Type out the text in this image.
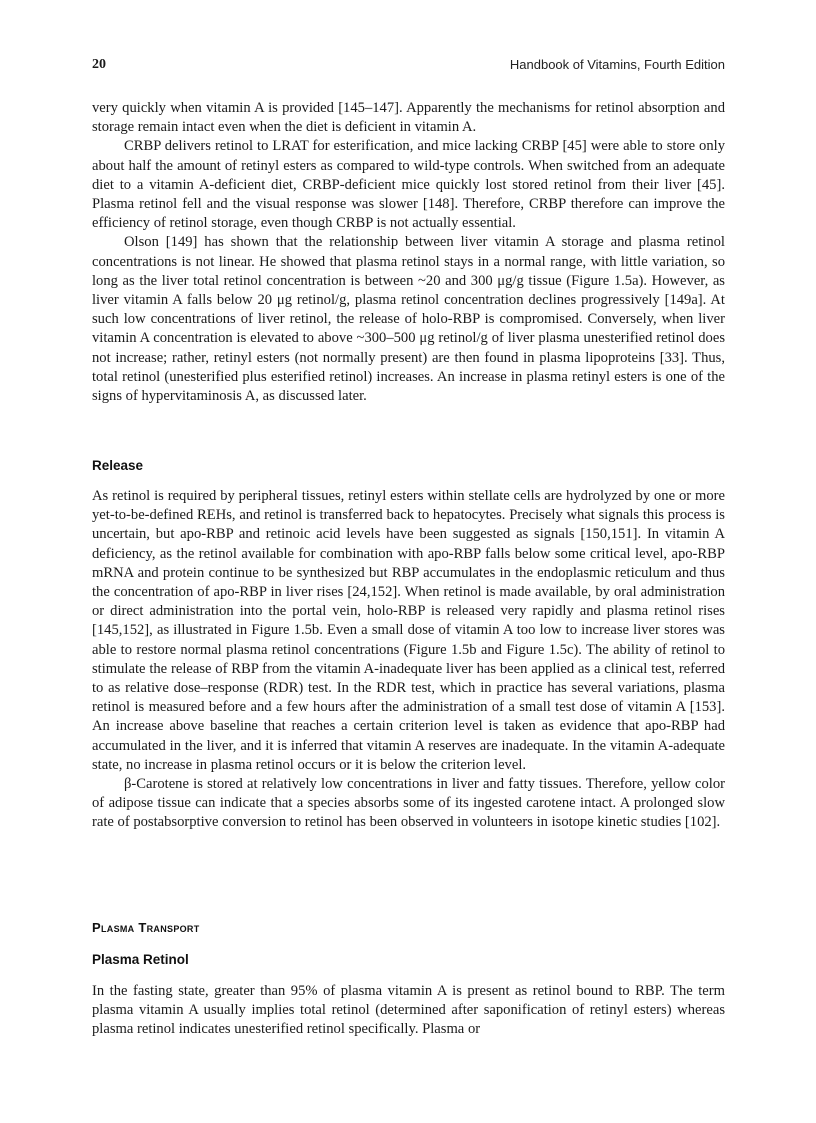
20	Handbook of Vitamins, Fourth Edition

very quickly when vitamin A is provided [145–147]. Apparently the mechanisms for retinol absorption and storage remain intact even when the diet is deficient in vitamin A.

CRBP delivers retinol to LRAT for esterification, and mice lacking CRBP [45] were able to store only about half the amount of retinyl esters as compared to wild-type controls. When switched from an adequate diet to a vitamin A-deficient diet, CRBP-deficient mice quickly lost stored retinol from their liver [45]. Plasma retinol fell and the visual response was slower [148]. Therefore, CRBP therefore can improve the efficiency of retinol storage, even though CRBP is not actually essential.

Olson [149] has shown that the relationship between liver vitamin A storage and plasma retinol concentrations is not linear. He showed that plasma retinol stays in a normal range, with little variation, so long as the liver total retinol concentration is between ~20 and 300 μg/g tissue (Figure 1.5a). However, as liver vitamin A falls below 20 μg retinol/g, plasma retinol concentration declines progressively [149a]. At such low concentrations of liver retinol, the release of holo-RBP is compromised. Conversely, when liver vitamin A concentration is elevated to above ~300–500 μg retinol/g of liver plasma unesterified retinol does not increase; rather, retinyl esters (not normally present) are then found in plasma lipoproteins [33]. Thus, total retinol (unesterified plus esterified retinol) increases. An increase in plasma retinyl esters is one of the signs of hypervitaminosis A, as discussed later.

Release

As retinol is required by peripheral tissues, retinyl esters within stellate cells are hydrolyzed by one or more yet-to-be-defined REHs, and retinol is transferred back to hepatocytes. Precisely what signals this process is uncertain, but apo-RBP and retinoic acid levels have been suggested as signals [150,151]. In vitamin A deficiency, as the retinol available for combination with apo-RBP falls below some critical level, apo-RBP mRNA and protein continue to be synthesized but RBP accumulates in the endoplasmic reticulum and thus the concentration of apo-RBP in liver rises [24,152]. When retinol is made available, by oral administration or direct administration into the portal vein, holo-RBP is released very rapidly and plasma retinol rises [145,152], as illustrated in Figure 1.5b. Even a small dose of vitamin A too low to increase liver stores was able to restore normal plasma retinol concentrations (Figure 1.5b and Figure 1.5c). The ability of retinol to stimulate the release of RBP from the vitamin A-inadequate liver has been applied as a clinical test, referred to as relative dose–response (RDR) test. In the RDR test, which in practice has several variations, plasma retinol is measured before and a few hours after the administration of a small test dose of vitamin A [153]. An increase above baseline that reaches a certain criterion level is taken as evidence that apo-RBP had accumulated in the liver, and it is inferred that vitamin A reserves are inadequate. In the vitamin A-adequate state, no increase in plasma retinol occurs or it is below the criterion level.

β-Carotene is stored at relatively low concentrations in liver and fatty tissues. Therefore, yellow color of adipose tissue can indicate that a species absorbs some of its ingested carotene intact. A prolonged slow rate of postabsorptive conversion to retinol has been observed in volunteers in isotope kinetic studies [102].

Plasma Transport
Plasma Retinol

In the fasting state, greater than 95% of plasma vitamin A is present as retinol bound to RBP. The term plasma vitamin A usually implies total retinol (determined after saponification of retinyl esters) whereas plasma retinol indicates unesterified retinol specifically. Plasma or
